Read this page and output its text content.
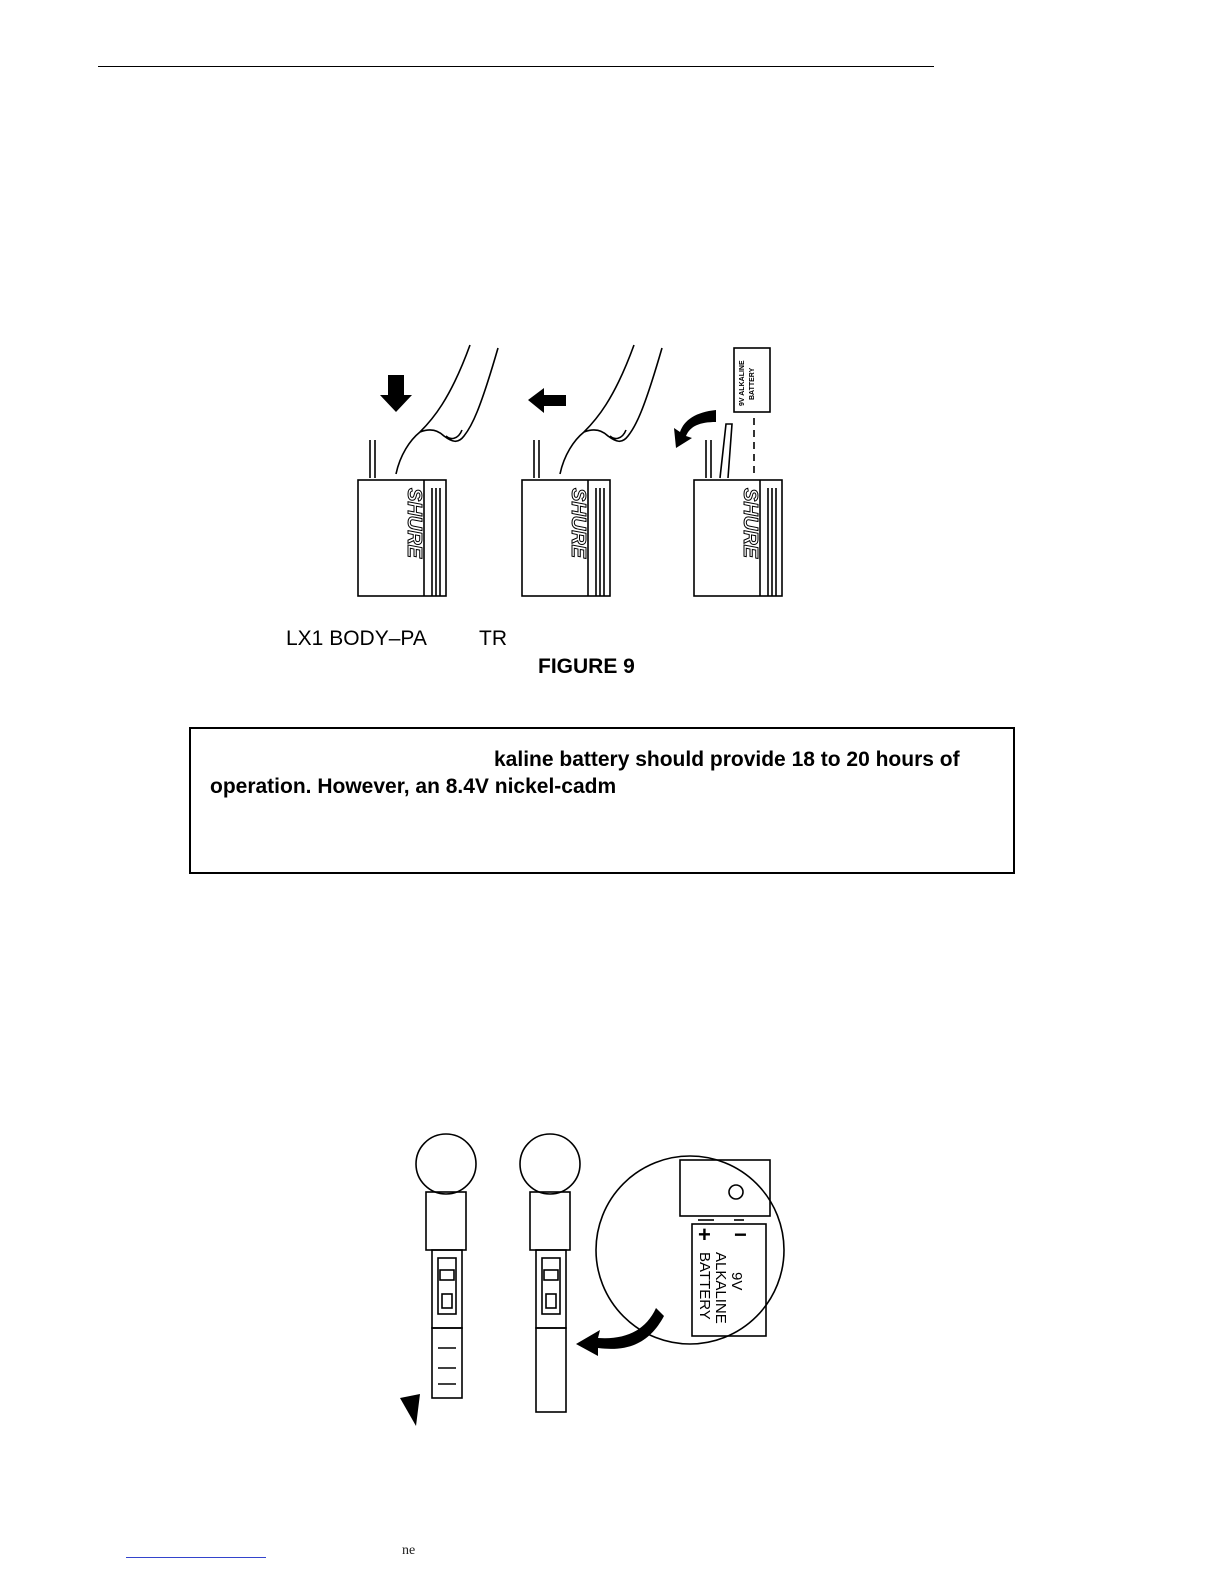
SHURE	SHURE	SHURE
9V ALKALINE BATTERY
LX1 BODY–PA TR
FIGURE 9
kaline battery should provide 18 to 20 hours of
operation. However, an 8.4V nickel-cadm
+ −
9V
ALKALINE
BATTERY
ne
